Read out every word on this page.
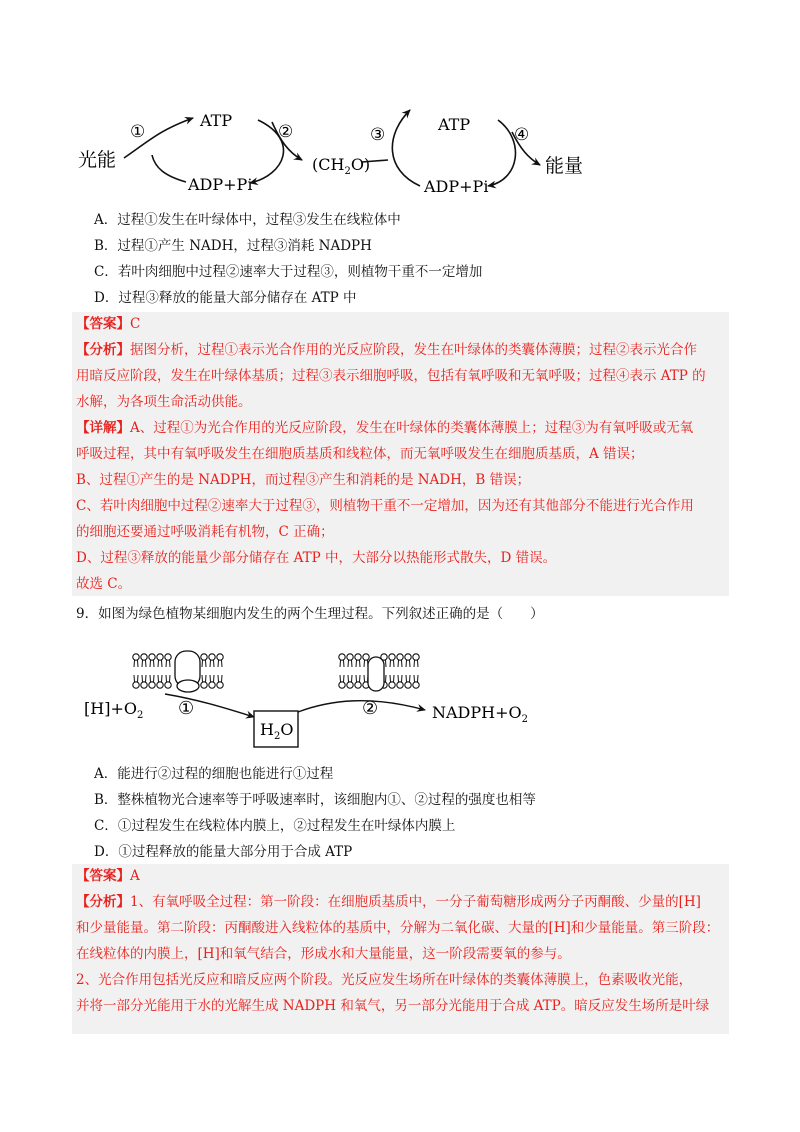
光能
①
ATP
②
ADP+Pi
$(CH_2O)$
③
ATP
④
ADP+Pi
能量
A．过程①发生在叶绿体中，过程③发生在线粒体中
B．过程①产生 NADH，过程③消耗 NADPH
C．若叶肉细胞中过程②速率大于过程③，则植物干重不一定增加
D．过程③释放的能量大部分储存在 ATP 中
【答案】C
【分析】据图分析，过程①表示光合作用的光反应阶段，发生在叶绿体的类囊体薄膜；过程②表示光合作
用暗反应阶段，发生在叶绿体基质；过程③表示细胞呼吸，包括有氧呼吸和无氧呼吸；过程④表示 ATP 的
水解，为各项生命活动供能。
【详解】A、过程①为光合作用的光反应阶段，发生在叶绿体的类囊体薄膜上；过程③为有氧呼吸或无氧
呼吸过程，其中有氧呼吸发生在细胞质基质和线粒体，而无氧呼吸发生在细胞质基质，A 错误；
B、过程①产生的是 NADPH，而过程③产生和消耗的是 NADH，B 错误；
C、若叶肉细胞中过程②速率大于过程③，则植物干重不一定增加，因为还有其他部分不能进行光合作用
的细胞还要通过呼吸消耗有机物，C 正确；
D、过程③释放的能量少部分储存在 ATP 中，大部分以热能形式散失，D 错误。
故选 C。
9．如图为绿色植物某细胞内发生的两个生理过程。下列叙述正确的是（　　）
$H_2O$
$[H]+O_2$ ①	②	$NADPH+O_2$
A．能进行②过程的细胞也能进行①过程
B．整株植物光合速率等于呼吸速率时，该细胞内①、②过程的强度也相等
C．①过程发生在线粒体内膜上，②过程发生在叶绿体内膜上
D．①过程释放的能量大部分用于合成 ATP
【答案】A
【分析】1、有氧呼吸全过程：第一阶段：在细胞质基质中，一分子葡萄糖形成两分子丙酮酸、少量的[H]
和少量能量。第二阶段：丙酮酸进入线粒体的基质中，分解为二氧化碳、大量的[H]和少量能量。第三阶段：
在线粒体的内膜上，[H]和氧气结合，形成水和大量能量，这一阶段需要氧的参与。
2、光合作用包括光反应和暗反应两个阶段。光反应发生场所在叶绿体的类囊体薄膜上，色素吸收光能，
并将一部分光能用于水的光解生成 NADPH 和氧气，另一部分光能用于合成 ATP。暗反应发生场所是叶绿
